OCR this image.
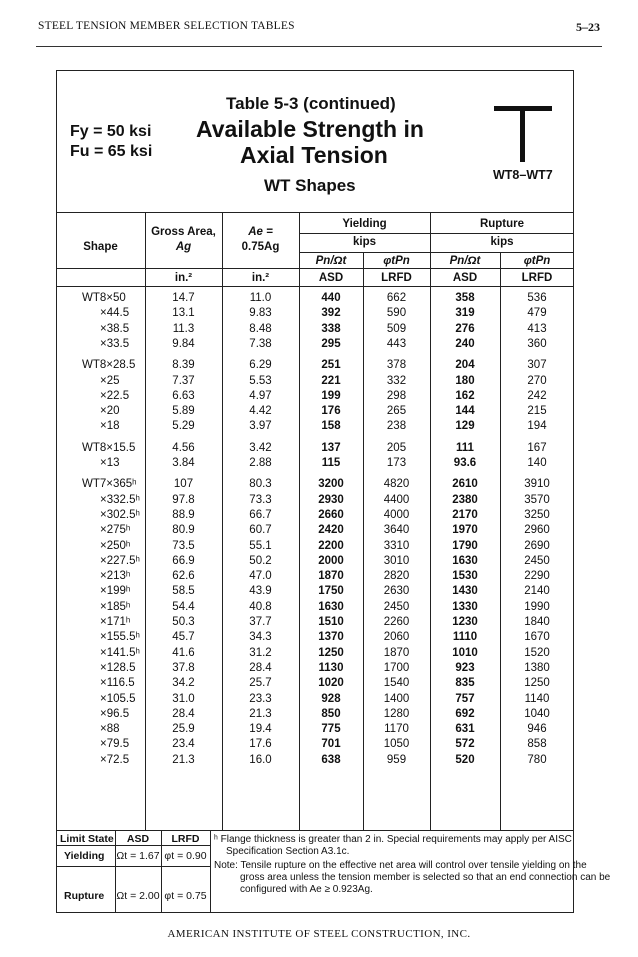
STEEL TENSION MEMBER SELECTION TABLES	5–23
Fy = 50 ksi
Fu = 65 ksi
Table 5-3 (continued)
Available Strength in
Axial Tension
WT Shapes
WT8–WT7
Shape
Gross Area,
Ag
Ae =
0.75Ag
Yielding	Rupture
kips	kips
Pn/Ωt	φtPn	Pn/Ωt	φtPn
in.²	in.²	ASD	LRFD	ASD	LRFD
WT8×50	14.7	11.0	440	662	358	536
×44.5	13.1	9.83	392	590	319	479
×38.5	11.3	8.48	338	509	276	413
×33.5	9.84	7.38	295	443	240	360
WT8×28.5	8.39	6.29	251	378	204	307
×25	7.37	5.53	221	332	180	270
×22.5	6.63	4.97	199	298	162	242
×20	5.89	4.42	176	265	144	215
×18	5.29	3.97	158	238	129	194
WT8×15.5	4.56	3.42	137	205	111	167
×13	3.84	2.88	115	173	93.6	140
WT7×365ʰ	107	80.3	3200	4820	2610	3910
×332.5ʰ	97.8	73.3	2930	4400	2380	3570
×302.5ʰ	88.9	66.7	2660	4000	2170	3250
×275ʰ	80.9	60.7	2420	3640	1970	2960
×250ʰ	73.5	55.1	2200	3310	1790	2690
×227.5ʰ	66.9	50.2	2000	3010	1630	2450
×213ʰ	62.6	47.0	1870	2820	1530	2290
×199ʰ	58.5	43.9	1750	2630	1430	2140
×185ʰ	54.4	40.8	1630	2450	1330	1990
×171ʰ	50.3	37.7	1510	2260	1230	1840
×155.5ʰ	45.7	34.3	1370	2060	1110	1670
×141.5ʰ	41.6	31.2	1250	1870	1010	1520
×128.5	37.8	28.4	1130	1700	923	1380
×116.5	34.2	25.7	1020	1540	835	1250
×105.5	31.0	23.3	928	1400	757	1140
×96.5	28.4	21.3	850	1280	692	1040
×88	25.9	19.4	775	1170	631	946
×79.5	23.4	17.6	701	1050	572	858
×72.5	21.3	16.0	638	959	520	780
Limit State	ASD	LRFD
Yielding Ωt = 1.67 φt = 0.90
Rupture Ωt = 2.00 φt = 0.75
ʰ Flange thickness is greater than 2 in. Special requirements may apply per AISC
Specification Section A3.1c.
Note: Tensile rupture on the effective net area will control over tensile yielding on the
gross area unless the tension member is selected so that an end connection can be
configured with Ae ≥ 0.923Ag.
AMERICAN INSTITUTE OF STEEL CONSTRUCTION, INC.
